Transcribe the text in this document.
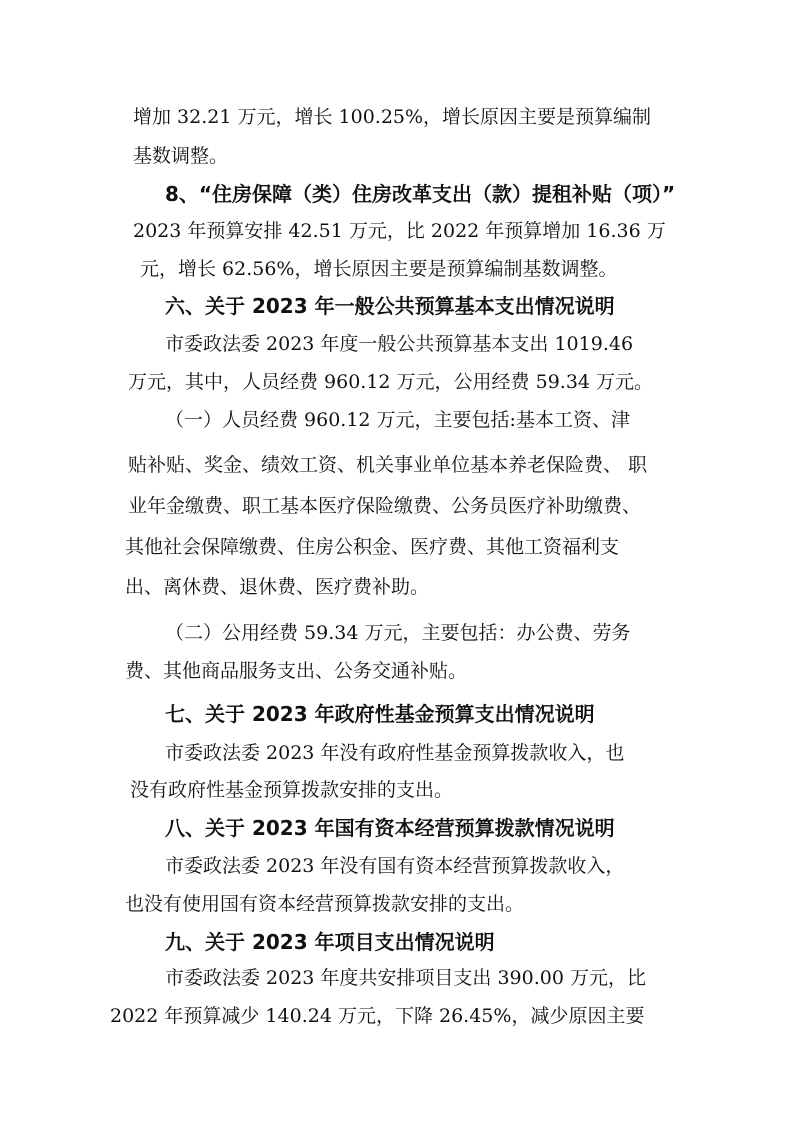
增加 32.21 万元，增长 100.25%，增长原因主要是预算编制
基数调整。
8、“住房保障（类）住房改革支出（款）提租补贴（项）”
2023 年预算安排 42.51 万元，比 2022 年预算增加 16.36 万
元，增长 62.56%，增长原因主要是预算编制基数调整。
六、关于 2023 年一般公共预算基本支出情况说明
市委政法委 2023 年度一般公共预算基本支出 1019.46
万元，其中，人员经费 960.12 万元，公用经费 59.34 万元。
（一）人员经费 960.12 万元，主要包括:基本工资、津
贴补贴、奖金、绩效工资、机关事业单位基本养老保险费、 职
业年金缴费、职工基本医疗保险缴费、公务员医疗补助缴费、
其他社会保障缴费、住房公积金、医疗费、其他工资福利支
出、离休费、退休费、医疗费补助。
（二）公用经费 59.34 万元，主要包括：办公费、劳务
费、其他商品服务支出、公务交通补贴。
七、关于 2023 年政府性基金预算支出情况说明
市委政法委 2023 年没有政府性基金预算拨款收入，也
没有政府性基金预算拨款安排的支出。
八、关于 2023 年国有资本经营预算拨款情况说明
市委政法委 2023 年没有国有资本经营预算拨款收入，
也没有使用国有资本经营预算拨款安排的支出。
九、关于 2023 年项目支出情况说明
市委政法委 2023 年度共安排项目支出 390.00 万元，比
2022 年预算减少 140.24 万元，下降 26.45%，减少原因主要
